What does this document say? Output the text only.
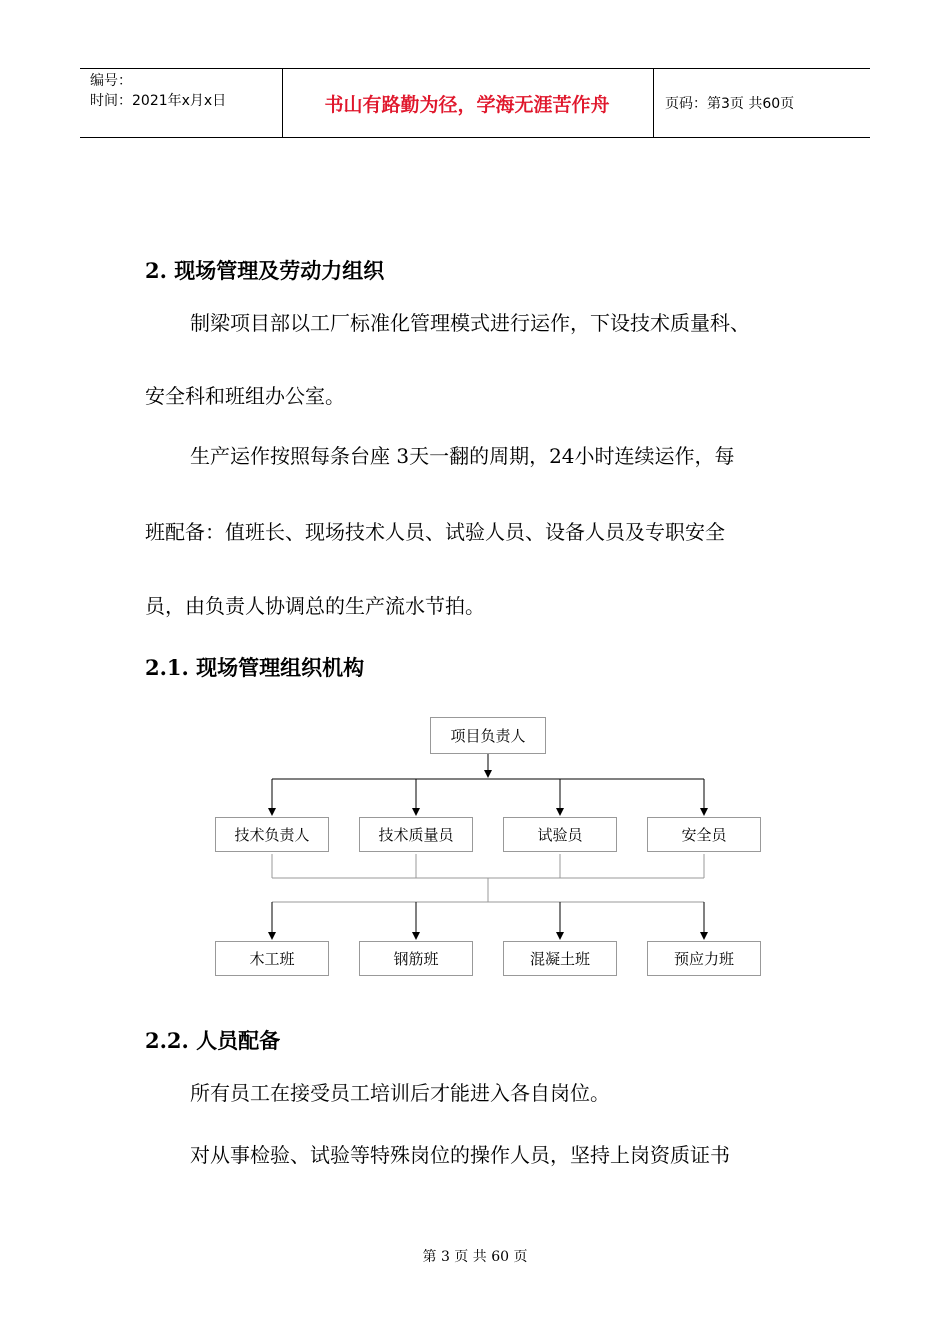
编号：
时间：2021年x月x日	书山有路勤为径，学海无涯苦作舟	页码：第3页 共60页
2. 现场管理及劳动力组织
制梁项目部以工厂标准化管理模式进行运作，下设技术质量科、
安全科和班组办公室。
生产运作按照每条台座 3天一翻的周期，24小时连续运作，每
班配备：值班长、现场技术人员、试验人员、设备人员及专职安全
员，由负责人协调总的生产流水节拍。
2.1. 现场管理组织机构
项目负责人
技术负责人	技术质量员	试验员	安全员
木工班	钢筋班	混凝土班	预应力班
2.2. 人员配备
所有员工在接受员工培训后才能进入各自岗位。
对从事检验、试验等特殊岗位的操作人员，坚持上岗资质证书
第 3 页 共 60 页
